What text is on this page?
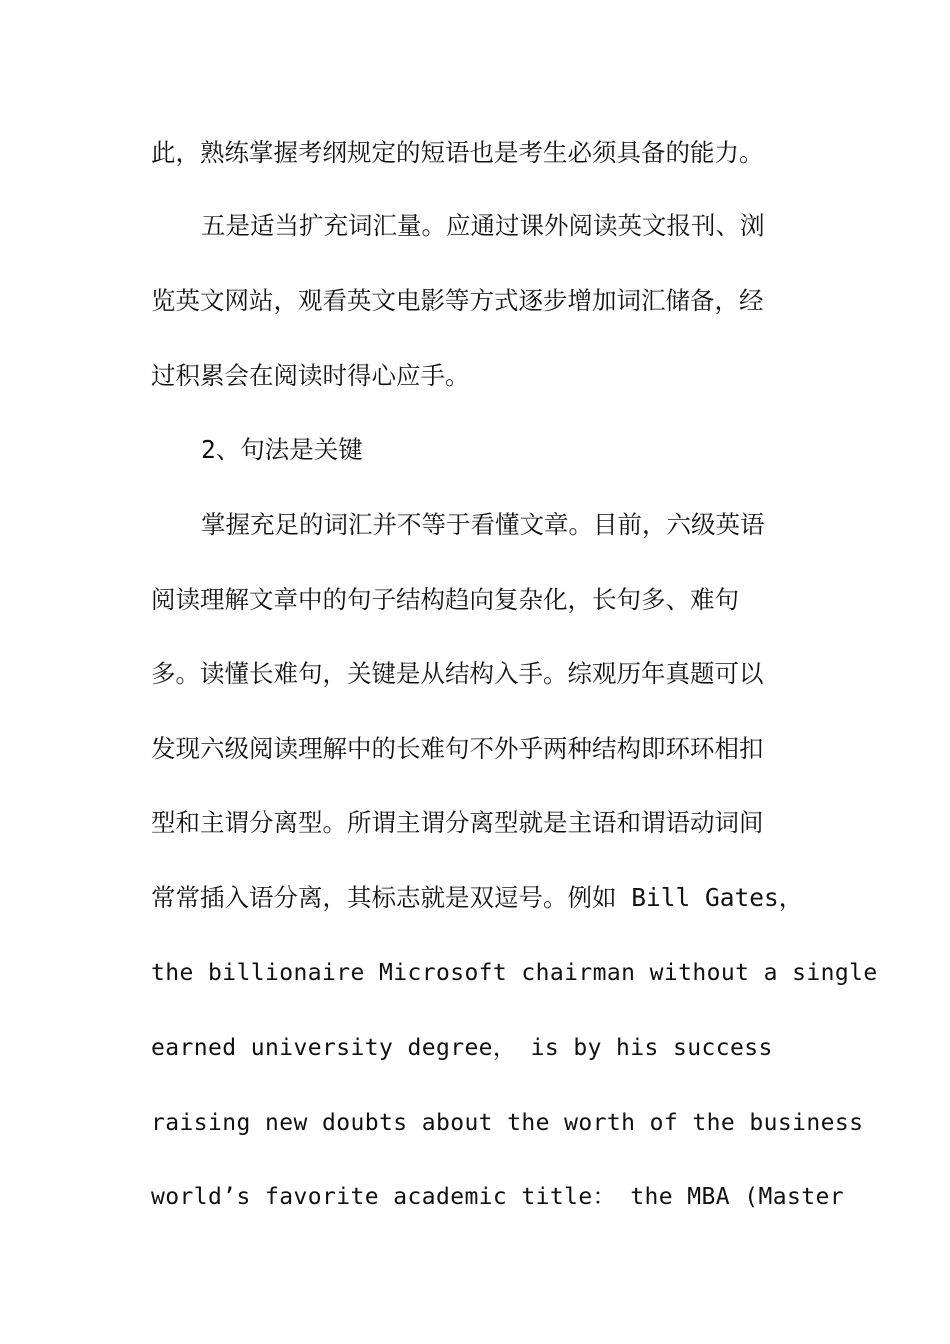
此，熟练掌握考纲规定的短语也是考生必须具备的能力。
五是适当扩充词汇量。应通过课外阅读英文报刊、浏
览英文网站，观看英文电影等方式逐步增加词汇储备，经
过积累会在阅读时得心应手。
2、句法是关键
掌握充足的词汇并不等于看懂文章。目前，六级英语
阅读理解文章中的句子结构趋向复杂化，长句多、难句
多。读懂长难句，关键是从结构入手。综观历年真题可以
发现六级阅读理解中的长难句不外乎两种结构即环环相扣
型和主谓分离型。所谓主谓分离型就是主语和谓语动词间
常常插入语分离，其标志就是双逗号。例如 Bill Gates，
the billionaire Microsoft chairman without a single
earned university degree， is by his success
raising new doubts about the worth of the business
world’s favorite academic title： the MBA (Master
